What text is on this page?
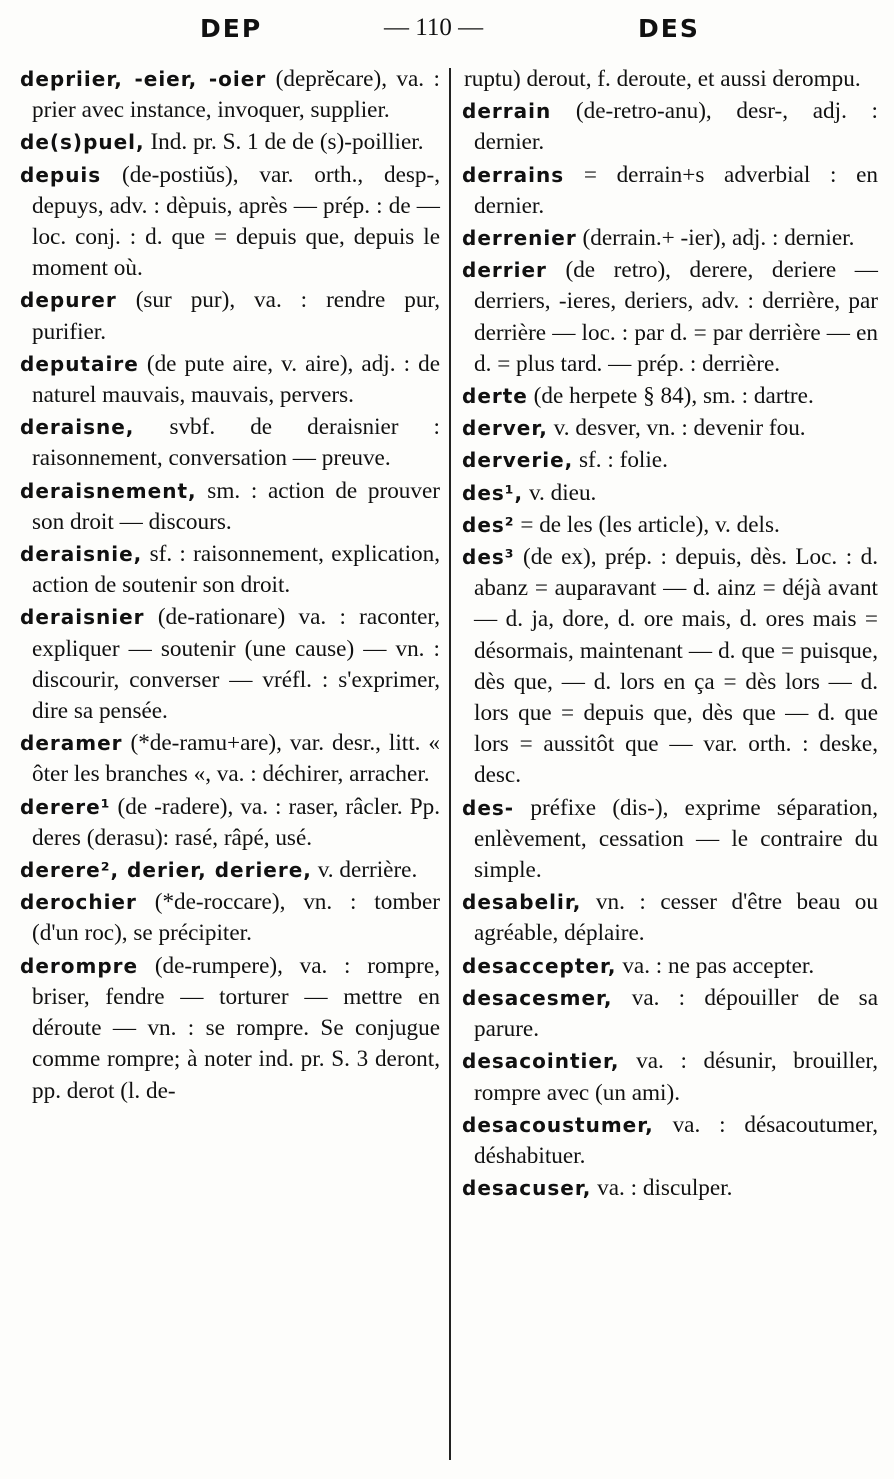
DEP	— 110 —	DES
depriier, -eier, -oier (deprĕcare), va. : prier avec instance, invoquer, supplier.
de(s)puel, Ind. pr. S. 1 de de (s)-poillier.
depuis (de-postiŭs), var. orth., desp-, depuys, adv. : dèpuis, après — prép. : de — loc. conj. : d. que = depuis que, depuis le moment où.
depurer (sur pur), va. : rendre pur, purifier.
deputaire (de pute aire, v. aire), adj. : de naturel mauvais, mauvais, pervers.
deraisne, svbf. de deraisnier : raisonnement, conversation — preuve.
deraisnement, sm. : action de prouver son droit — discours.
deraisnie, sf. : raisonnement, explication, action de soutenir son droit.
deraisnier (de-rationare) va. : raconter, expliquer — soutenir (une cause) — vn. : discourir, converser — vréfl. : s'exprimer, dire sa pensée.
deramer (*de-ramu+are), var. desr., litt. « ôter les branches «, va. : déchirer, arracher.
derere¹ (de -radere), va. : raser, râcler. Pp. deres (derasu): rasé, râpé, usé.
derere², derier, deriere, v. derrière.
derochier (*de-roccare), vn. : tomber (d'un roc), se précipiter.
derompre (de-rumpere), va. : rompre, briser, fendre — torturer — mettre en déroute — vn. : se rompre. Se conjugue comme rompre; à noter ind. pr. S. 3 deront, pp. derot (l. de-
ruptu) derout, f. deroute, et aussi derompu.
derrain (de-retro-anu), desr-, adj. : dernier.
derrains = derrain+s adverbial : en dernier.
derrenier (derrain.+ -ier), adj. : dernier.
derrier (de retro), derere, deriere — derriers, -ieres, deriers, adv. : derrière, par derrière — loc. : par d. = par derrière — en d. = plus tard. — prép. : derrière.
derte (de herpete § 84), sm. : dartre.
derver, v. desver, vn. : devenir fou.
derverie, sf. : folie.
des¹, v. dieu.
des² = de les (les article), v. dels.
des³ (de ex), prép. : depuis, dès. Loc. : d. abanz = auparavant — d. ainz = déjà avant — d. ja, dore, d. ore mais, d. ores mais = désormais, maintenant — d. que = puisque, dès que, — d. lors en ça = dès lors — d. lors que = depuis que, dès que — d. que lors = aussitôt que — var. orth. : deske, desc.
des- préfixe (dis-), exprime séparation, enlèvement, cessation — le contraire du simple.
desabelir, vn. : cesser d'être beau ou agréable, déplaire.
desaccepter, va. : ne pas accepter.
desacesmer, va. : dépouiller de sa parure.
desacointier, va. : désunir, brouiller, rompre avec (un ami).
desacoustumer, va. : désacoutumer, déshabituer.
desacuser, va. : disculper.
